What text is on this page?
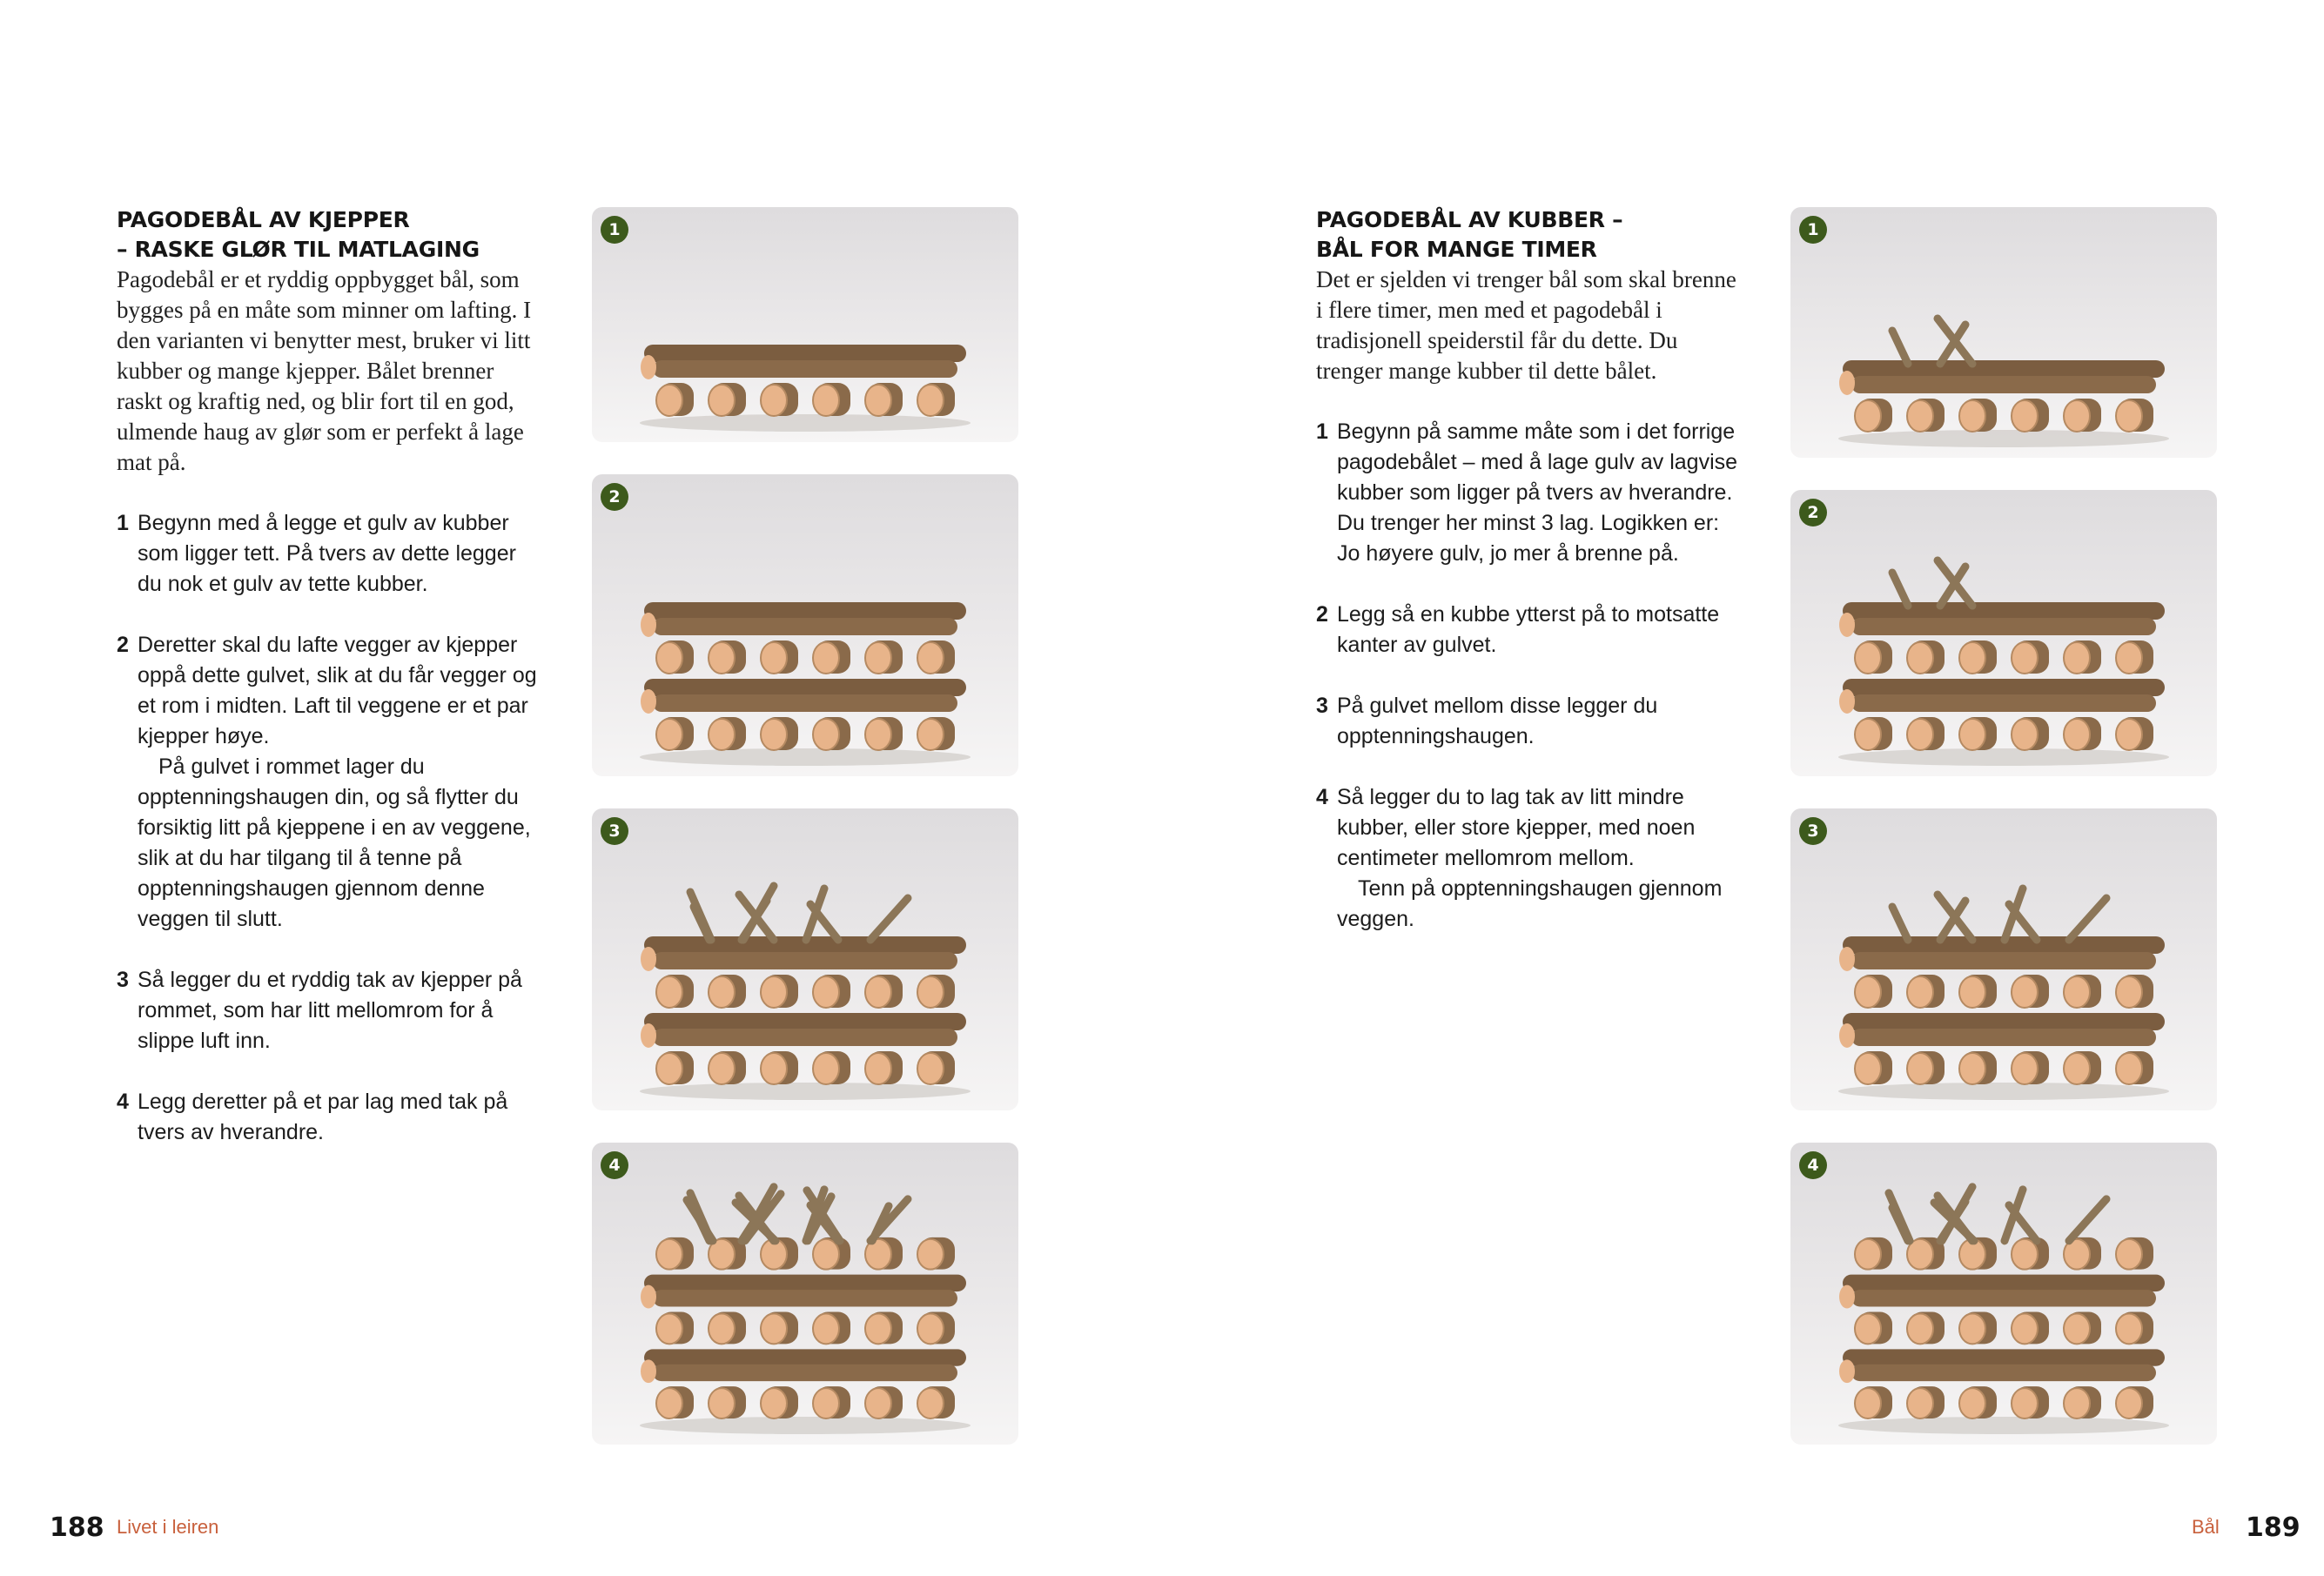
PAGODEBÅL AV KJEPPER
– RASKE GLØR TIL MATLAGING

Pagodebål er et ryddig oppbygget bål, som bygges på en måte som minner om lafting. I den varianten vi benytter mest, bruker vi litt kubber og mange kjepper. Bålet brenner raskt og kraftig ned, og blir fort til en god, ulmende haug av glør som er perfekt å lage mat på.

1 Begynn med å legge et gulv av kubber som ligger tett. På tvers av dette legger du nok et gulv av tette kubber.

2 Deretter skal du lafte vegger av kjepper oppå dette gulvet, slik at du får vegger og et rom i midten. Laft til veggene er et par kjepper høye.

På gulvet i rommet lager du opptenningshaugen din, og så flytter du forsiktig litt på kjeppene i en av veggene, slik at du har tilgang til å tenne på opptenningshaugen gjennom denne veggen til slutt.

3 Så legger du et ryddig tak av kjepper på rommet, som har litt mellomrom for å slippe luft inn.

4 Legg deretter på et par lag med tak på tvers av hverandre.

1
2
3
4
PAGODEBÅL AV KUBBER –
BÅL FOR MANGE TIMER

Det er sjelden vi trenger bål som skal brenne i flere timer, men med et pagodebål i tradisjonell speiderstil får du dette. Du trenger mange kubber til dette bålet.

1 Begynn på samme måte som i det forrige pagodebålet – med å lage gulv av lagvise kubber som ligger på tvers av hverandre. Du trenger her minst 3 lag. Logikken er: Jo høyere gulv, jo mer å brenne på.

2 Legg så en kubbe ytterst på to motsatte kanter av gulvet.

3 På gulvet mellom disse legger du opptenningshaugen.

4 Så legger du to lag tak av litt mindre kubber, eller store kjepper, med noen centimeter mellomrom mellom.

Tenn på opptenningshaugen gjennom veggen.

1
2
3
4
188 Livet i leiren	Bål 189
